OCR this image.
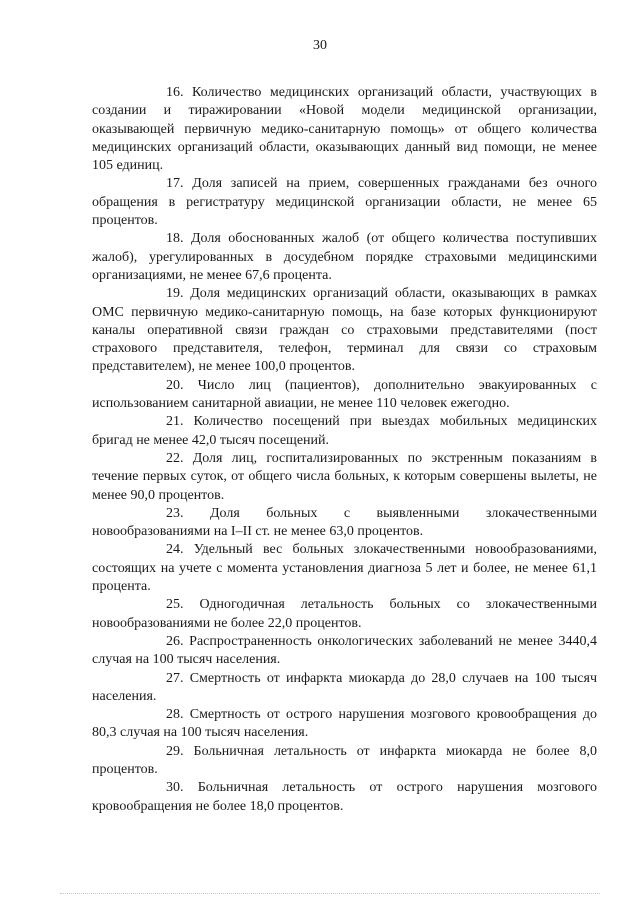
30

16. Количество медицинских организаций области, участвующих в создании и тиражировании «Новой модели медицинской организации, оказывающей первичную медико-санитарную помощь» от общего количества медицинских организаций области, оказывающих данный вид помощи, не менее 105 единиц.

17. Доля записей на прием, совершенных гражданами без очного обращения в регистратуру медицинской организации области, не менее 65 процентов.

18. Доля обоснованных жалоб (от общего количества поступивших жалоб), урегулированных в досудебном порядке страховыми медицинскими организациями, не менее 67,6 процента.

19. Доля медицинских организаций области, оказывающих в рамках ОМС первичную медико-санитарную помощь, на базе которых функционируют каналы оперативной связи граждан со страховыми представителями (пост страхового представителя, телефон, терминал для связи со страховым представителем), не менее 100,0 процентов.

20. Число лиц (пациентов), дополнительно эвакуированных с использованием санитарной авиации, не менее 110 человек ежегодно.

21. Количество посещений при выездах мобильных медицинских бригад не менее 42,0 тысяч посещений.

22. Доля лиц, госпитализированных по экстренным показаниям в течение первых суток, от общего числа больных, к которым совершены вылеты, не менее 90,0 процентов.

23. Доля больных с выявленными злокачественными новообразованиями на I–II ст. не менее 63,0 процентов.

24. Удельный вес больных злокачественными новообразованиями, состоящих на учете с момента установления диагноза 5 лет и более, не менее 61,1 процента.

25. Одногодичная летальность больных со злокачественными новообразованиями не более 22,0 процентов.

26. Распространенность онкологических заболеваний не менее 3440,4 случая на 100 тысяч населения.

27. Смертность от инфаркта миокарда до 28,0 случаев на 100 тысяч населения.

28. Смертность от острого нарушения мозгового кровообращения до 80,3 случая на 100 тысяч населения.

29. Больничная летальность от инфаркта миокарда не более 8,0 процентов.

30. Больничная летальность от острого нарушения мозгового кровообращения не более 18,0 процентов.
